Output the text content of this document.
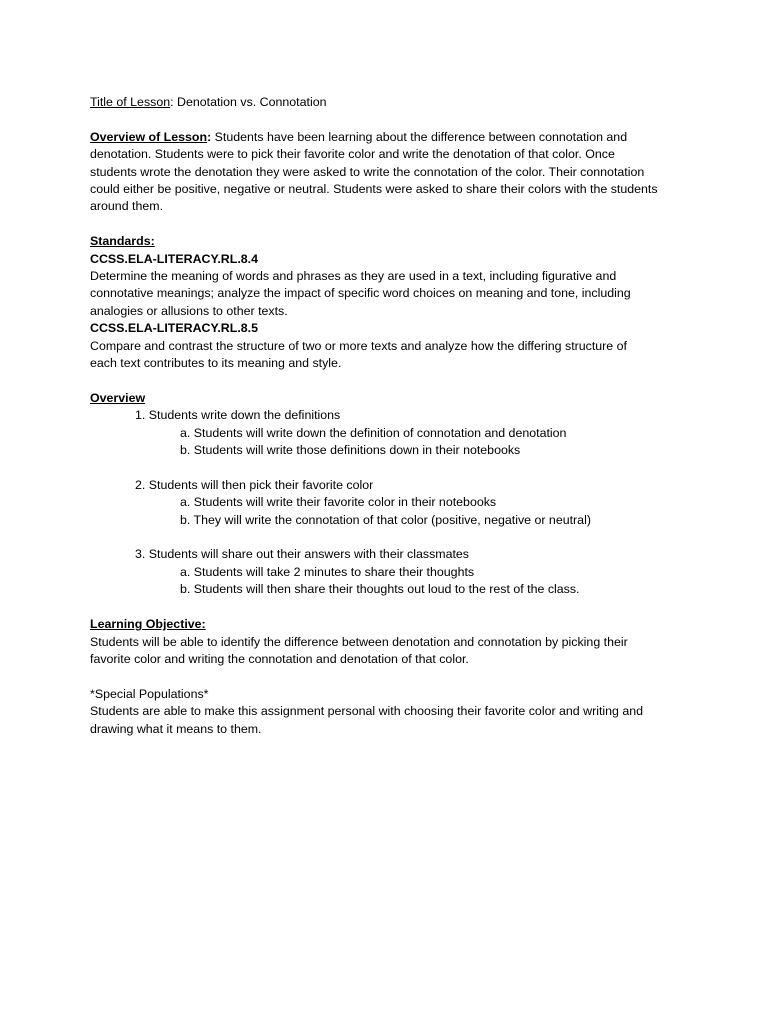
Title of Lesson: Denotation vs. Connotation
Overview of Lesson: Students have been learning about the difference between connotation and
denotation. Students were to pick their favorite color and write the denotation of that color. Once
students wrote the denotation they were asked to write the connotation of the color. Their connotation
could either be positive, negative or neutral. Students were asked to share their colors with the students
around them.
Standards:
CCSS.ELA-LITERACY.RL.8.4
Determine the meaning of words and phrases as they are used in a text, including figurative and
connotative meanings; analyze the impact of specific word choices on meaning and tone, including
analogies or allusions to other texts.
CCSS.ELA-LITERACY.RL.8.5
Compare and contrast the structure of two or more texts and analyze how the differing structure of
each text contributes to its meaning and style.
Overview
1. Students write down the definitions
a. Students will write down the definition of connotation and denotation
b. Students will write those definitions down in their notebooks
2. Students will then pick their favorite color
a. Students will write their favorite color in their notebooks
b. They will write the connotation of that color (positive, negative or neutral)
3. Students will share out their answers with their classmates
a. Students will take 2 minutes to share their thoughts
b. Students will then share their thoughts out loud to the rest of the class.
Learning Objective:
Students will be able to identify the difference between denotation and connotation by picking their
favorite color and writing the connotation and denotation of that color.
*Special Populations*
Students are able to make this assignment personal with choosing their favorite color and writing and
drawing what it means to them.
